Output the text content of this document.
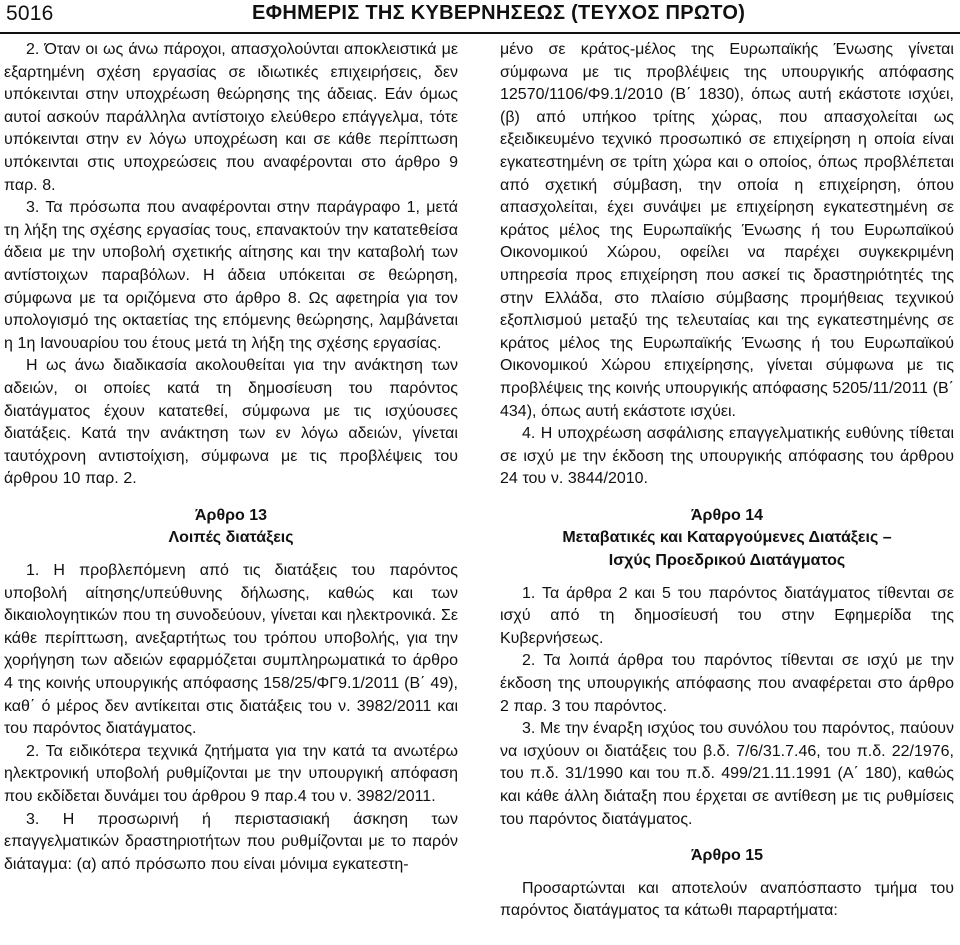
5016	ΕΦΗΜΕΡΙΣ ΤΗΣ ΚΥΒΕΡΝΗΣΕΩΣ (ΤΕΥΧΟΣ ΠΡΩΤΟ)

2. Όταν οι ως άνω πάροχοι, απασχολούνται αποκλειστικά με εξαρτημένη σχέση εργασίας σε ιδιωτικές επιχειρήσεις, δεν υπόκεινται στην υποχρέωση θεώρησης της άδειας. Εάν όμως αυτοί ασκούν παράλληλα αντίστοιχο ελεύθερο επάγγελμα, τότε υπόκεινται στην εν λόγω υποχρέωση και σε κάθε περίπτωση υπόκεινται στις υποχρεώσεις που αναφέρονται στο άρθρο 9 παρ. 8.

3. Τα πρόσωπα που αναφέρονται στην παράγραφο 1, μετά τη λήξη της σχέσης εργασίας τους, επανακτούν την κατατεθείσα άδεια με την υποβολή σχετικής αίτησης και την καταβολή των αντίστοιχων παραβόλων. Η άδεια υπόκειται σε θεώρηση, σύμφωνα με τα οριζόμενα στο άρθρο 8. Ως αφετηρία για τον υπολογισμό της οκταετίας της επόμενης θεώρησης, λαμβάνεται η 1η Ιανουαρίου του έτους μετά τη λήξη της σχέσης εργασίας.

Η ως άνω διαδικασία ακολουθείται για την ανάκτηση των αδειών, οι οποίες κατά τη δημοσίευση του παρόντος διατάγματος έχουν κατατεθεί, σύμφωνα με τις ισχύουσες διατάξεις. Κατά την ανάκτηση των εν λόγω αδειών, γίνεται ταυτόχρονη αντιστοίχιση, σύμφωνα με τις προβλέψεις του άρθρου 10 παρ. 2.

Άρθρο 13

Λοιπές διατάξεις

1. Η προβλεπόμενη από τις διατάξεις του παρόντος υποβολή αίτησης/υπεύθυνης δήλωσης, καθώς και των δικαιολογητικών που τη συνοδεύουν, γίνεται και ηλεκτρονικά. Σε κάθε περίπτωση, ανεξαρτήτως του τρόπου υποβολής, για την χορήγηση των αδειών εφαρμόζεται συμπληρωματικά το άρθρο 4 της κοινής υπουργικής απόφασης 158/25/ΦΓ9.1/2011 (Β΄ 49), καθ΄ ό μέρος δεν αντίκειται στις διατάξεις του ν. 3982/2011 και του παρόντος διατάγματος.

2. Τα ειδικότερα τεχνικά ζητήματα για την κατά τα ανωτέρω ηλεκτρονική υποβολή ρυθμίζονται με την υπουργική απόφαση που εκδίδεται δυνάμει του άρθρου 9 παρ.4 του ν. 3982/2011.

3. Η προσωρινή ή περιστασιακή άσκηση των επαγγελματικών δραστηριοτήτων που ρυθμίζονται με το παρόν διάταγμα: (α) από πρόσωπο που είναι μόνιμα εγκατεστη-

μένο σε κράτος-μέλος της Ευρωπαϊκής Ένωσης γίνεται σύμφωνα με τις προβλέψεις της υπουργικής απόφασης 12570/1106/Φ9.1/2010 (Β΄ 1830), όπως αυτή εκάστοτε ισχύει, (β) από υπήκοο τρίτης χώρας, που απασχολείται ως εξειδικευμένο τεχνικό προσωπικό σε επιχείρηση η οποία είναι εγκατεστημένη σε τρίτη χώρα και ο οποίος, όπως προβλέπεται από σχετική σύμβαση, την οποία η επιχείρηση, όπου απασχολείται, έχει συνάψει με επιχείρηση εγκατεστημένη σε κράτος μέλος της Ευρωπαϊκής Ένωσης ή του Ευρωπαϊκού Οικονομικού Χώρου, οφείλει να παρέχει συγκεκριμένη υπηρεσία προς επιχείρηση που ασκεί τις δραστηριότητές της στην Ελλάδα, στο πλαίσιο σύμβασης προμήθειας τεχνικού εξοπλισμού μεταξύ της τελευταίας και της εγκατεστημένης σε κράτος μέλος της Ευρωπαϊκής Ένωσης ή του Ευρωπαϊκού Οικονομικού Χώρου επιχείρησης, γίνεται σύμφωνα με τις προβλέψεις της κοινής υπουργικής απόφασης 5205/11/2011 (Β΄ 434), όπως αυτή εκάστοτε ισχύει.

4. Η υποχρέωση ασφάλισης επαγγελματικής ευθύνης τίθεται σε ισχύ με την έκδοση της υπουργικής απόφασης του άρθρου 24 του ν. 3844/2010.

Άρθρο 14

Μεταβατικές και Καταργούμενες Διατάξεις –

Ισχύς Προεδρικού Διατάγματος

1. Τα άρθρα 2 και 5 του παρόντος διατάγματος τίθενται σε ισχύ από τη δημοσίευσή του στην Εφημερίδα της Κυβερνήσεως.

2. Τα λοιπά άρθρα του παρόντος τίθενται σε ισχύ με την έκδοση της υπουργικής απόφασης που αναφέρεται στο άρθρο 2 παρ. 3 του παρόντος.

3. Με την έναρξη ισχύος του συνόλου του παρόντος, παύουν να ισχύουν οι διατάξεις του β.δ. 7/6/31.7.46, του π.δ. 22/1976, του π.δ. 31/1990 και του π.δ. 499/21.11.1991 (Α΄ 180), καθώς και κάθε άλλη διάταξη που έρχεται σε αντίθεση με τις ρυθμίσεις του παρόντος διατάγματος.

Άρθρο 15

Προσαρτώνται και αποτελούν αναπόσπαστο τμήμα του παρόντος διατάγματος τα κάτωθι παραρτήματα:
